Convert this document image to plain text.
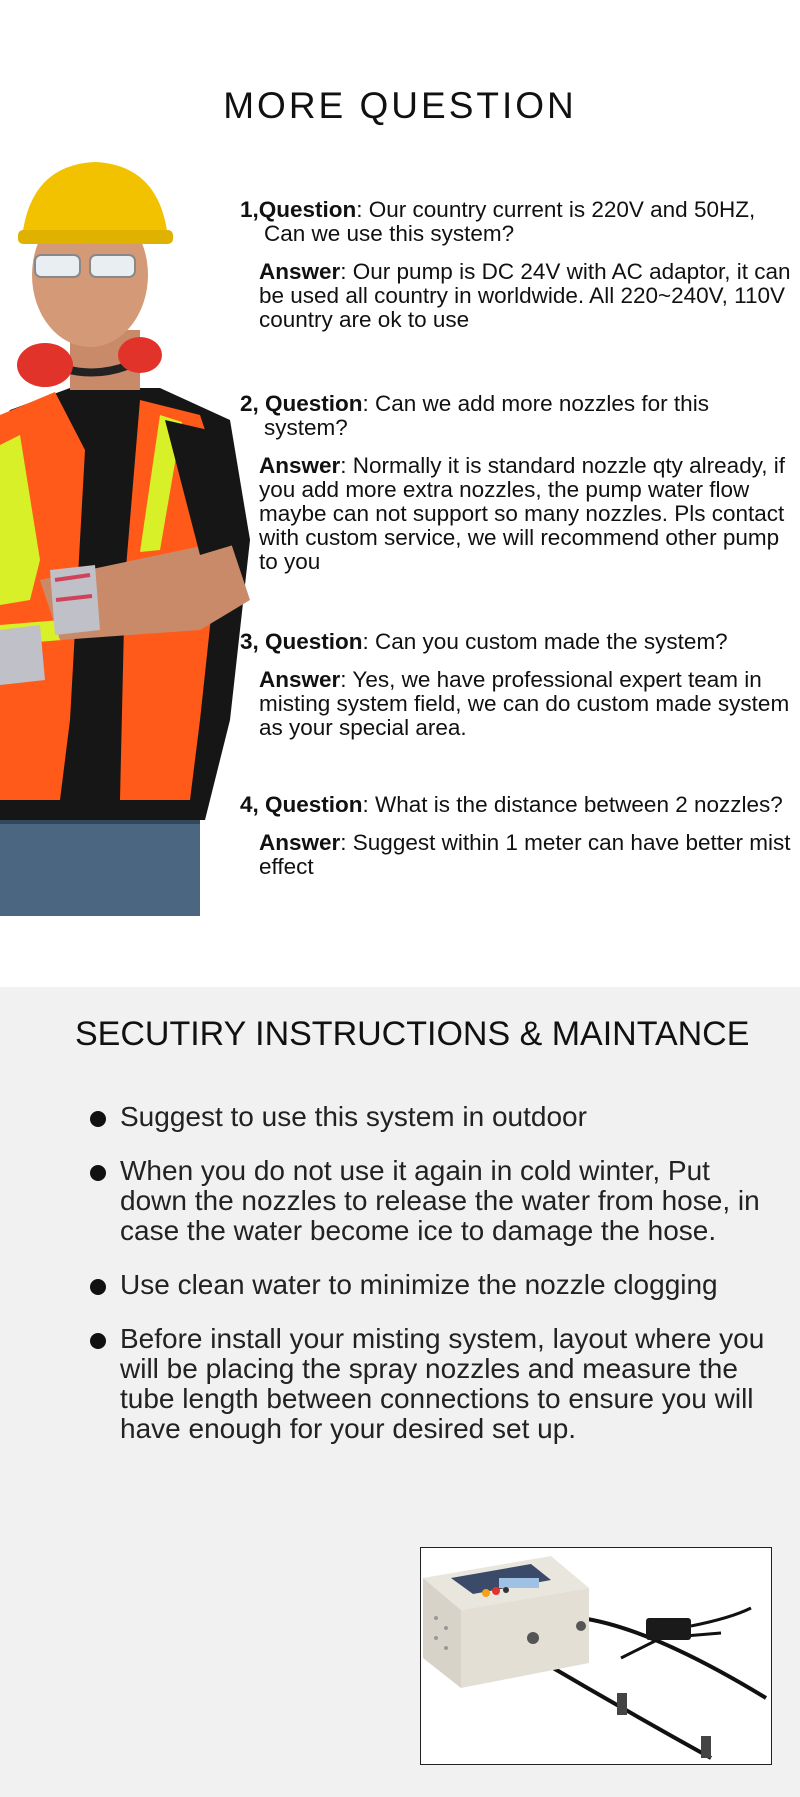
MORE QUESTION
1,Question: Our country current is 220V and 50HZ,
Can we use this system?
Answer: Our pump is DC 24V with AC adaptor, it can be used all country in worldwide. All 220~240V, 110V country are ok to use
2, Question: Can we add more nozzles for this
system?
Answer: Normally it is standard nozzle qty already, if you add more extra nozzles, the pump water flow maybe can not support so many nozzles. Pls contact with custom service, we will recommend other pump to you
3, Question: Can you custom made the system?
Answer: Yes, we have professional expert team in misting system field, we can do custom made system as your special area.
4, Question: What is the distance between 2 nozzles?
Answer: Suggest within 1 meter can have better mist effect
SECUTIRY INSTRUCTIONS & MAINTANCE
Suggest to use this system in outdoor
When you do not use it again in cold winter, Put down the nozzles to release the water from hose, in case the water become ice to damage the hose.
Use clean water to minimize the nozzle clogging
Before install your misting system, layout where you will be placing the spray nozzles and measure the tube length between connections to ensure you will have enough for your desired set up.
